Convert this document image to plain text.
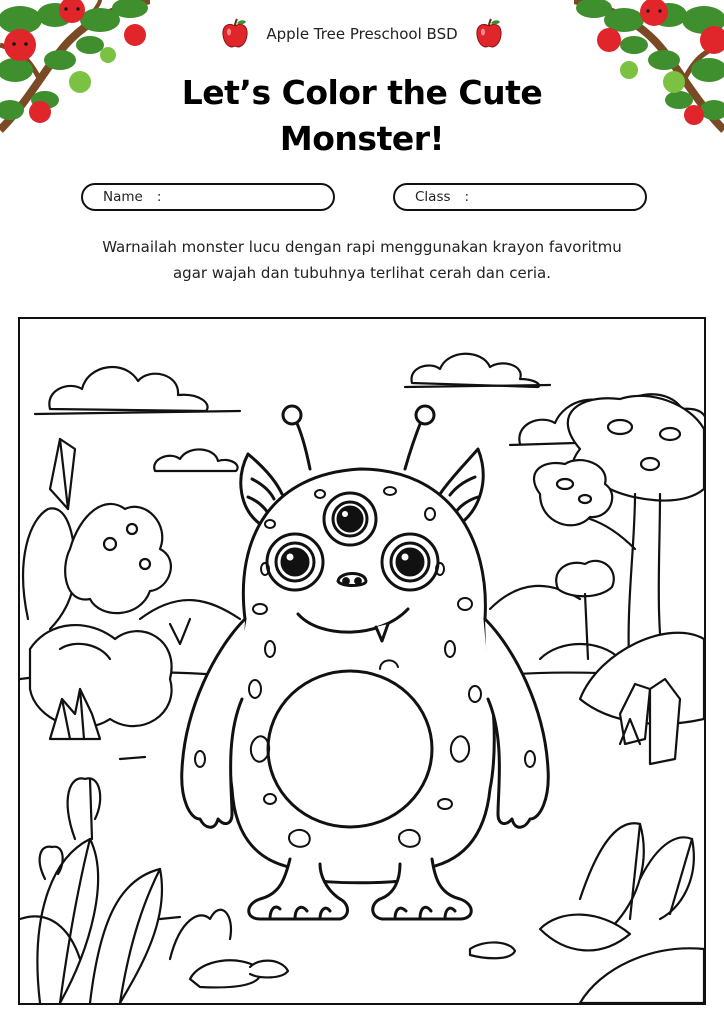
Apple Tree Preschool BSD
Let’s Color the Cute
Monster!
Name :	Class :

Warnailah monster lucu dengan rapi menggunakan krayon favoritmu
agar wajah dan tubuhnya terlihat cerah dan ceria.
